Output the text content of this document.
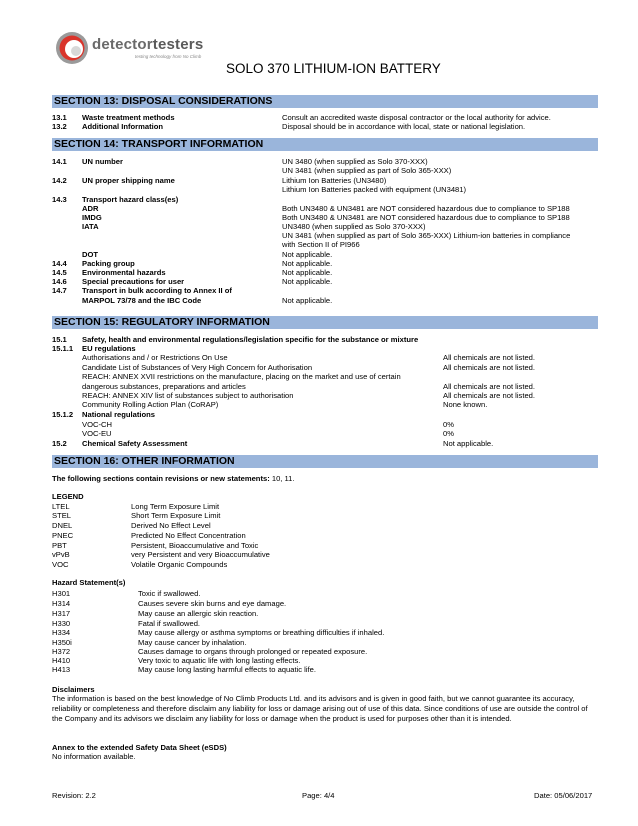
detectortesters
testing technology from No Climb
SOLO 370 LITHIUM-ION BATTERY
SECTION 13: DISPOSAL CONSIDERATIONS
13.1 Waste treatment methods	Consult an accredited waste disposal contractor or the local authority for advice.
13.2 Additional Information	Disposal should be in accordance with local, state or national legislation.
SECTION 14: TRANSPORT INFORMATION
14.1 UN number	UN 3480 (when supplied as Solo 370-XXX)
UN 3481 (when supplied as part of Solo 365-XXX)
14.2 UN proper shipping name	Lithium Ion Batteries (UN3480)
Lithium Ion Batteries packed with equipment (UN3481)
14.3 Transport hazard class(es)
ADR	Both UN3480 & UN3481 are NOT considered hazardous due to compliance to SP188
IMDG	Both UN3480 & UN3481 are NOT considered hazardous due to compliance to SP188
IATA	UN3480 (when supplied as Solo 370-XXX)
UN 3481 (when supplied as part of Solo 365-XXX) Lithium-ion batteries in compliance
with Section II of PI966
DOT	Not applicable.
14.4 Packing group	Not applicable.
14.5 Environmental hazards	Not applicable.
14.6 Special precautions for user	Not applicable.
14.7 Transport in bulk according to Annex II of
MARPOL 73/78 and the IBC Code	Not applicable.
SECTION 15: REGULATORY INFORMATION
15.1 Safety, health and environmental regulations/legislation specific for the substance or mixture
15.1.1 EU regulations
Authorisations and / or Restrictions On Use	All chemicals are not listed.
Candidate List of Substances of Very High Concern for Authorisation	All chemicals are not listed.
REACH: ANNEX XVII restrictions on the manufacture, placing on the market and use of certain
dangerous substances, preparations and articles	All chemicals are not listed.
REACH: ANNEX XIV list of substances subject to authorisation	All chemicals are not listed.
Community Rolling Action Plan (CoRAP)	None known.
15.1.2 National regulations
VOC-CH	0%
VOC-EU	0%
15.2 Chemical Safety Assessment	Not applicable.
SECTION 16: OTHER INFORMATION
The following sections contain revisions or new statements: 10, 11.
LEGEND
LTEL	Long Term Exposure Limit
STEL	Short Term Exposure Limit
DNEL	Derived No Effect Level
PNEC	Predicted No Effect Concentration
PBT	Persistent, Bioaccumulative and Toxic
vPvB	very Persistent and very Bioaccumulative
VOC	Volatile Organic Compounds
Hazard Statement(s)
H301	Toxic if swallowed.
H314	Causes severe skin burns and eye damage.
H317	May cause an allergic skin reaction.
H330	Fatal if swallowed.
H334	May cause allergy or asthma symptoms or breathing difficulties if inhaled.
H350i	May cause cancer by inhalation.
H372	Causes damage to organs through prolonged or repeated exposure.
H410	Very toxic to aquatic life with long lasting effects.
H413	May cause long lasting harmful effects to aquatic life.
Disclaimers
The information is based on the best knowledge of No Climb Products Ltd. and its advisors and is given in good faith, but we cannot guarantee its accuracy, reliability or completeness and therefore disclaim any liability for loss or damage arising out of use of this data. Since conditions of use are outside the control of the Company and its advisors we disclaim any liability for loss or damage when the product is used for purposes other than it is intended.
Annex to the extended Safety Data Sheet (eSDS)
No information available.
Revision: 2.2	Page: 4/4	Date: 05/06/2017
